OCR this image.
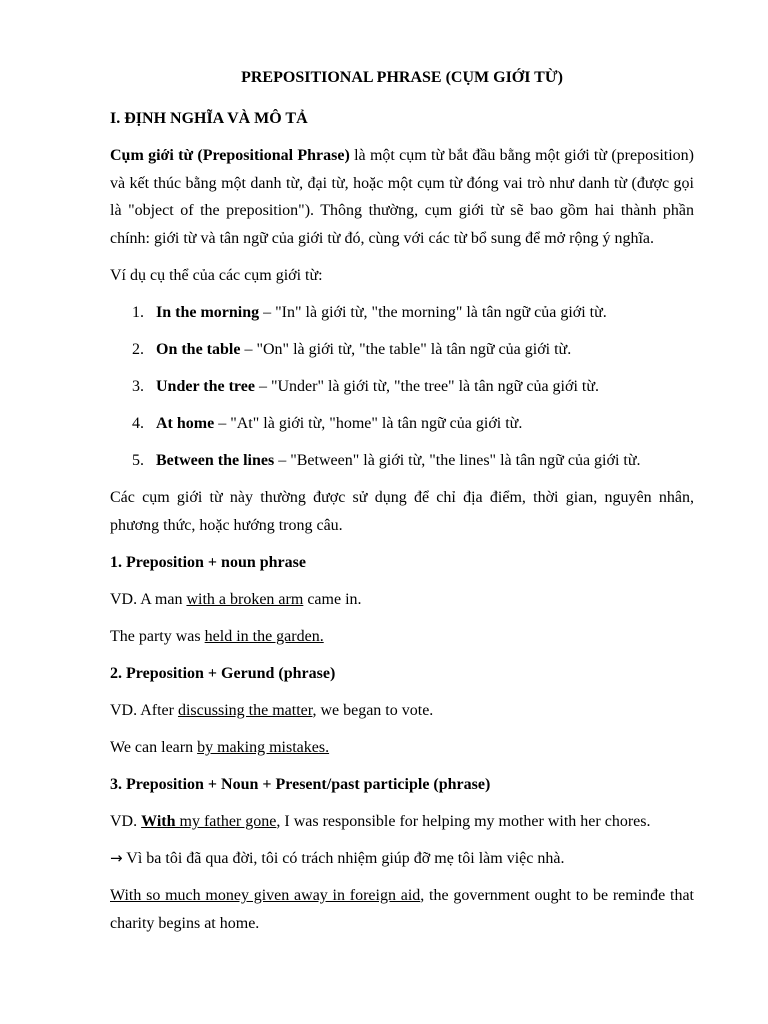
PREPOSITIONAL PHRASE (CỤM GIỚI TỪ)

I. ĐỊNH NGHĨA VÀ MÔ TẢ

Cụm giới từ (Prepositional Phrase) là một cụm từ bắt đầu bằng một giới từ (preposition) và kết thúc bằng một danh từ, đại từ, hoặc một cụm từ đóng vai trò như danh từ (được gọi là "object of the preposition"). Thông thường, cụm giới từ sẽ bao gồm hai thành phần chính: giới từ và tân ngữ của giới từ đó, cùng với các từ bổ sung để mở rộng ý nghĩa.

Ví dụ cụ thể của các cụm giới từ:

1. In the morning – "In" là giới từ, "the morning" là tân ngữ của giới từ.
2. On the table – "On" là giới từ, "the table" là tân ngữ của giới từ.
3. Under the tree – "Under" là giới từ, "the tree" là tân ngữ của giới từ.
4. At home – "At" là giới từ, "home" là tân ngữ của giới từ.
5. Between the lines – "Between" là giới từ, "the lines" là tân ngữ của giới từ.

Các cụm giới từ này thường được sử dụng để chỉ địa điểm, thời gian, nguyên nhân, phương thức, hoặc hướng trong câu.

1. Preposition + noun phrase

VD. A man with a broken arm came in.

The party was held in the garden.

2. Preposition + Gerund (phrase)

VD. After discussing the matter, we began to vote.

We can learn by making mistakes.

3. Preposition + Noun + Present/past participle (phrase)

VD. With my father gone, I was responsible for helping my mother with her chores.

→ Vì ba tôi đã qua đời, tôi có trách nhiệm giúp đỡ mẹ tôi làm việc nhà.

With so much money given away in foreign aid, the government ought to be reminđe that charity begins at home.
